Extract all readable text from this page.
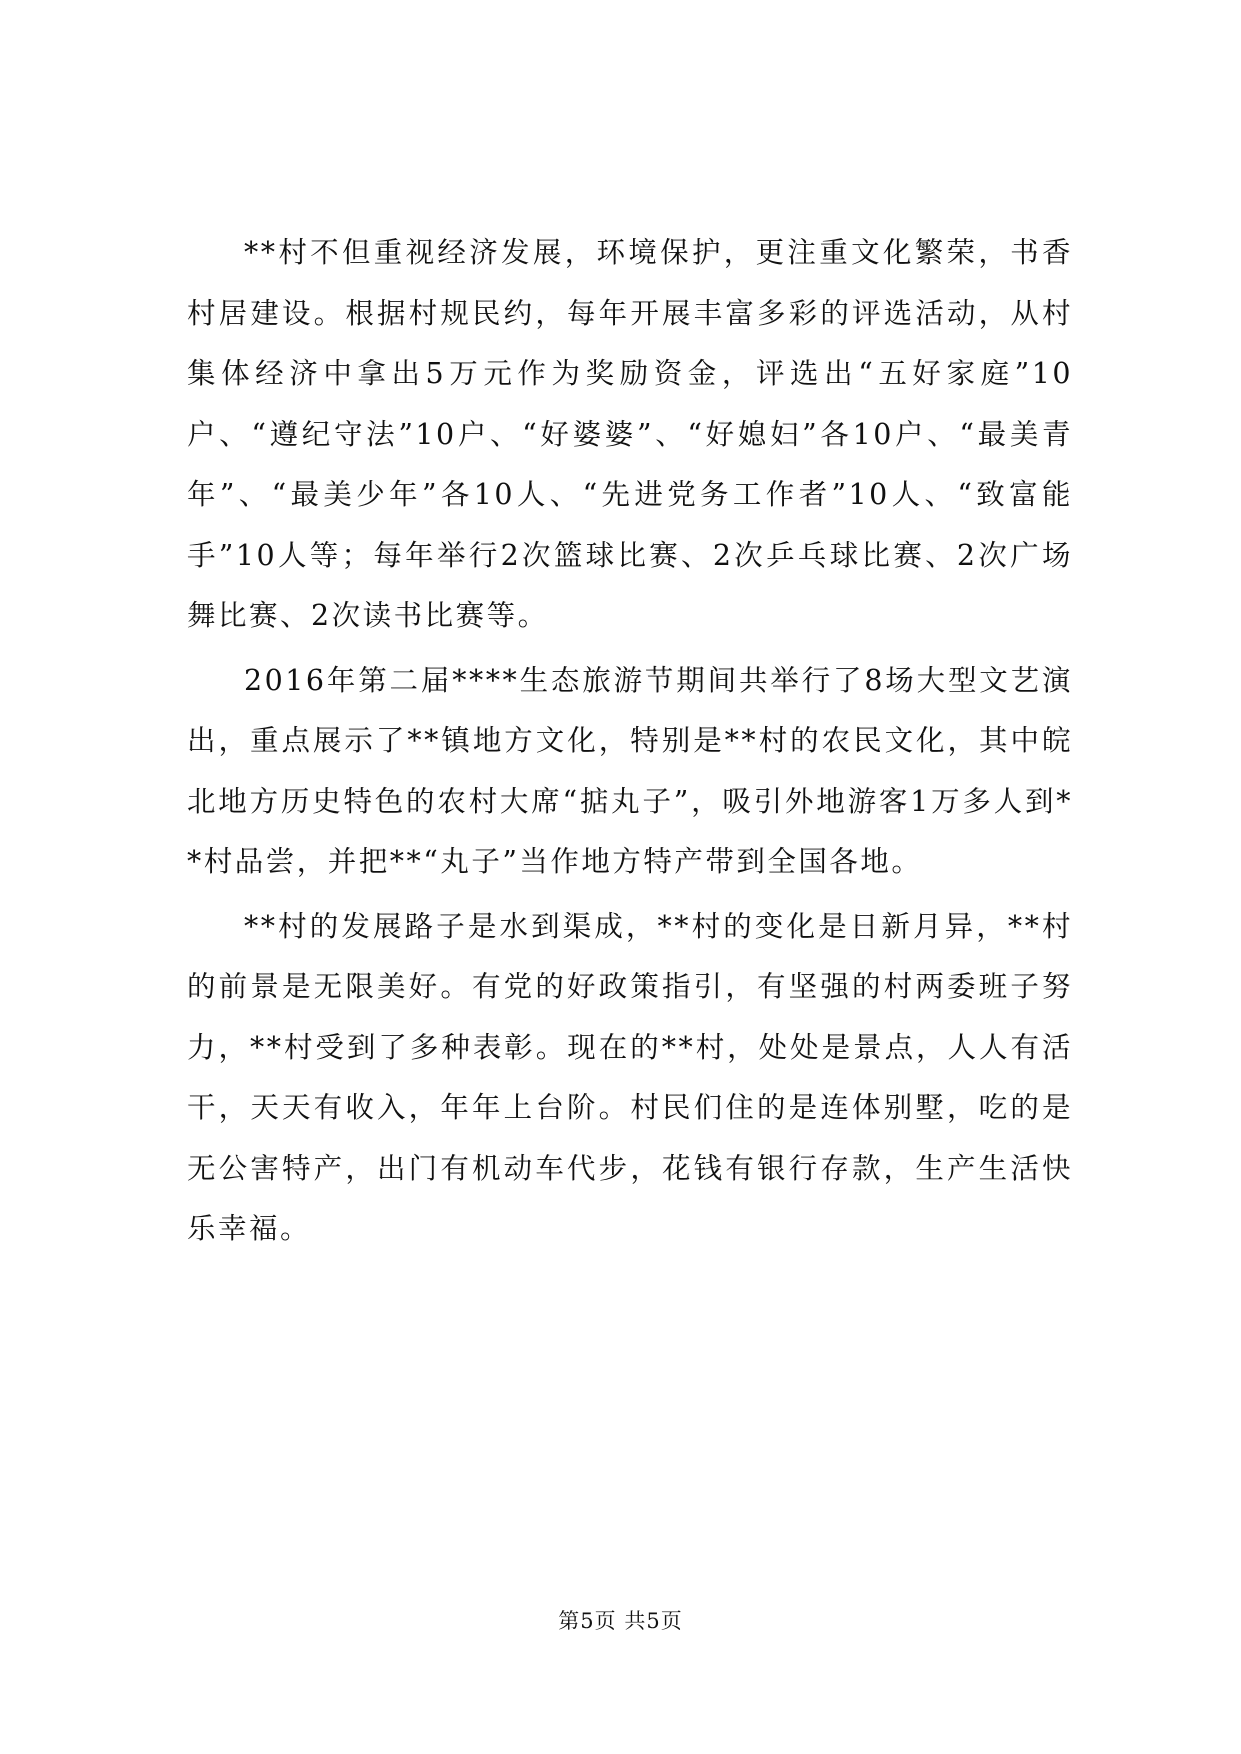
**村不但重视经济发展，环境保护，更注重文化繁荣，书香村居建设。根据村规民约，每年开展丰富多彩的评选活动，从村集体经济中拿出5万元作为奖励资金，评选出“五好家庭”10户、“遵纪守法”10户、“好婆婆”、“好媳妇”各10户、“最美青年”、“最美少年”各10人、“先进党务工作者”10人、“致富能手”10人等；每年举行2次篮球比赛、2次乒乓球比赛、2次广场舞比赛、2次读书比赛等。

2016年第二届****生态旅游节期间共举行了8场大型文艺演出，重点展示了**镇地方文化，特别是**村的农民文化，其中皖北地方历史特色的农村大席“掂丸子”，吸引外地游客1万多人到**村品尝，并把**“丸子”当作地方特产带到全国各地。

**村的发展路子是水到渠成，**村的变化是日新月异，**村的前景是无限美好。有党的好政策指引，有坚强的村两委班子努力，**村受到了多种表彰。现在的**村，处处是景点，人人有活干，天天有收入，年年上台阶。村民们住的是连体别墅，吃的是无公害特产，出门有机动车代步，花钱有银行存款，生产生活快乐幸福。

第5页 共5页
